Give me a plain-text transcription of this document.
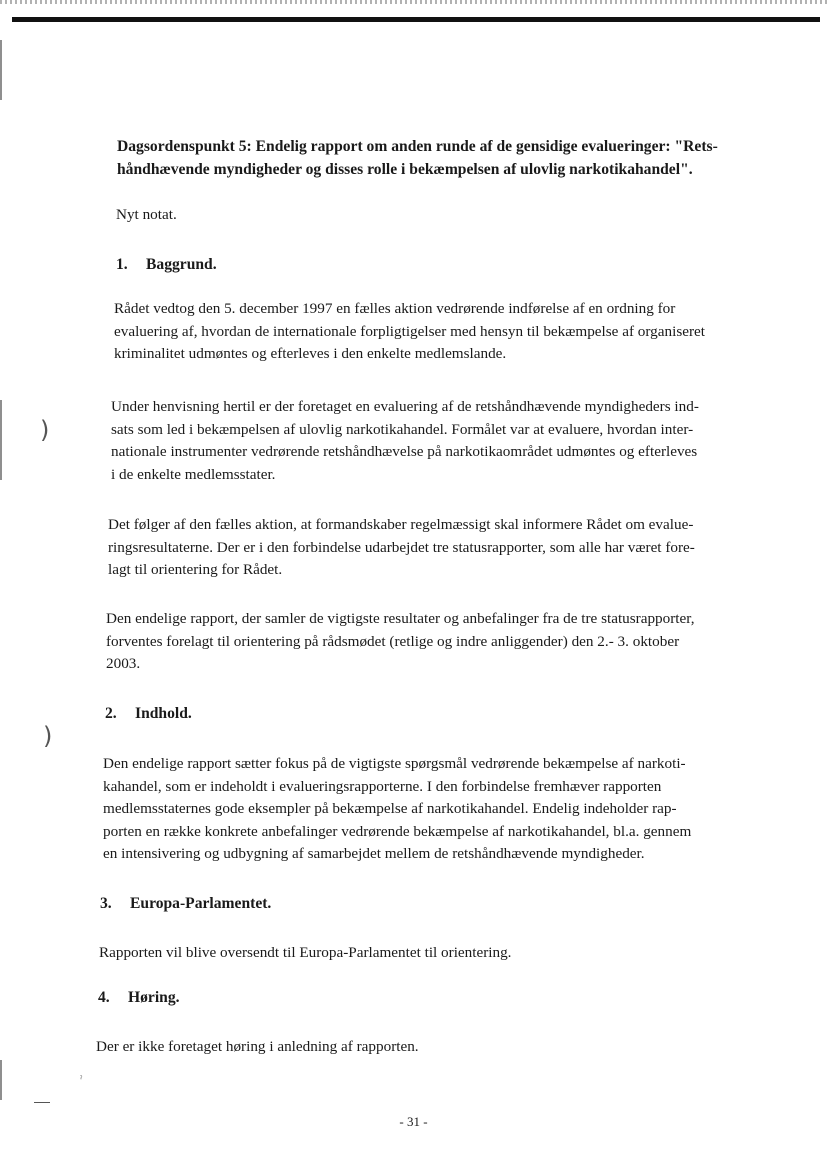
)
)
ˀ
Dagsordenspunkt 5: Endelig rapport om anden runde af de gensidige evalueringer: "Rets-
håndhævende myndigheder og disses rolle i bekæmpelsen af ulovlig narkotikahandel".
Nyt notat.
1. Baggrund.
Rådet vedtog den 5. december 1997 en fælles aktion vedrørende indførelse af en ordning for
evaluering af, hvordan de internationale forpligtigelser med hensyn til bekæmpelse af organiseret
kriminalitet udmøntes og efterleves i den enkelte medlemslande.
Under henvisning hertil er der foretaget en evaluering af de retshåndhævende myndigheders ind-
sats som led i bekæmpelsen af ulovlig narkotikahandel. Formålet var at evaluere, hvordan inter-
nationale instrumenter vedrørende retshåndhævelse på narkotikaområdet udmøntes og efterleves
i de enkelte medlemsstater.
Det følger af den fælles aktion, at formandskaber regelmæssigt skal informere Rådet om evalue-
ringsresultaterne. Der er i den forbindelse udarbejdet tre statusrapporter, som alle har været fore-
lagt til orientering for Rådet.
Den endelige rapport, der samler de vigtigste resultater og anbefalinger fra de tre statusrapporter,
forventes forelagt til orientering på rådsmødet (retlige og indre anliggender) den 2.- 3. oktober
2003.
2. Indhold.
Den endelige rapport sætter fokus på de vigtigste spørgsmål vedrørende bekæmpelse af narkoti-
kahandel, som er indeholdt i evalueringsrapporterne. I den forbindelse fremhæver rapporten
medlemsstaternes gode eksempler på bekæmpelse af narkotikahandel. Endelig indeholder rap-
porten en række konkrete anbefalinger vedrørende bekæmpelse af narkotikahandel, bl.a. gennem
en intensivering og udbygning af samarbejdet mellem de retshåndhævende myndigheder.
3. Europa-Parlamentet.
Rapporten vil blive oversendt til Europa-Parlamentet til orientering.
4. Høring.
Der er ikke foretaget høring i anledning af rapporten.
- 31 -
